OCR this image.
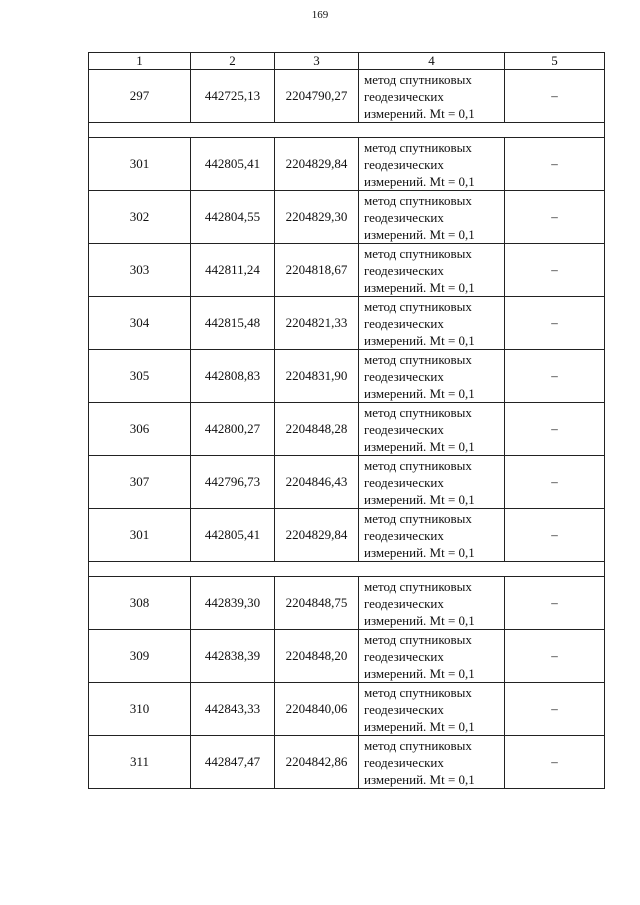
169
1	2	3	4	5
297	442725,13	2204790,27	метод спутниковых
геодезических
измерений. Mt = 0,1	–

301	442805,41	2204829,84	метод спутниковых
геодезических
измерений. Mt = 0,1	–
302	442804,55	2204829,30	метод спутниковых
геодезических
измерений. Mt = 0,1	–
303	442811,24	2204818,67	метод спутниковых
геодезических
измерений. Mt = 0,1	–
304	442815,48	2204821,33	метод спутниковых
геодезических
измерений. Mt = 0,1	–
305	442808,83	2204831,90	метод спутниковых
геодезических
измерений. Mt = 0,1	–
306	442800,27	2204848,28	метод спутниковых
геодезических
измерений. Mt = 0,1	–
307	442796,73	2204846,43	метод спутниковых
геодезических
измерений. Mt = 0,1	–
301	442805,41	2204829,84	метод спутниковых
геодезических
измерений. Mt = 0,1	–

308	442839,30	2204848,75	метод спутниковых
геодезических
измерений. Mt = 0,1	–
309	442838,39	2204848,20	метод спутниковых
геодезических
измерений. Mt = 0,1	–
310	442843,33	2204840,06	метод спутниковых
геодезических
измерений. Mt = 0,1	–
311	442847,47	2204842,86	метод спутниковых
геодезических
измерений. Mt = 0,1	–
